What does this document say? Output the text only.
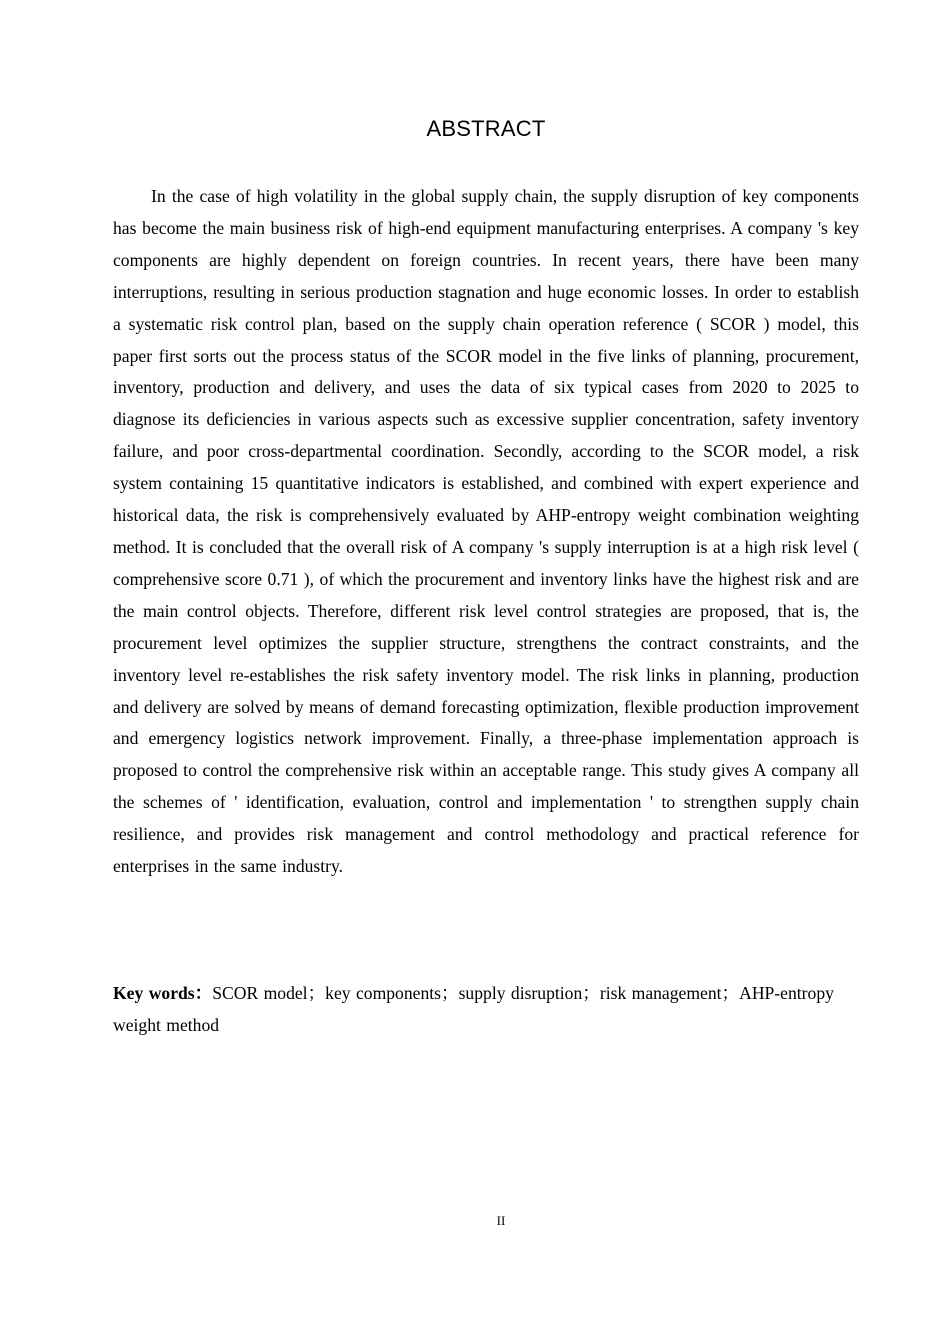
ABSTRACT

In the case of high volatility in the global supply chain, the supply disruption of key components has become the main business risk of high-end equipment manufacturing enterprises. A company 's key components are highly dependent on foreign countries. In recent years, there have been many interruptions, resulting in serious production stagnation and huge economic losses. In order to establish a systematic risk control plan, based on the supply chain operation reference ( SCOR ) model, this paper first sorts out the process status of the SCOR model in the five links of planning, procurement, inventory, production and delivery, and uses the data of six typical cases from 2020 to 2025 to diagnose its deficiencies in various aspects such as excessive supplier concentration, safety inventory failure, and poor cross-departmental coordination. Secondly, according to the SCOR model, a risk system containing 15 quantitative indicators is established, and combined with expert experience and historical data, the risk is comprehensively evaluated by AHP-entropy weight combination weighting method. It is concluded that the overall risk of A company 's supply interruption is at a high risk level ( comprehensive score 0.71 ), of which the procurement and inventory links have the highest risk and are the main control objects. Therefore, different risk level control strategies are proposed, that is, the procurement level optimizes the supplier structure, strengthens the contract constraints, and the inventory level re-establishes the risk safety inventory model. The risk links in planning, production and delivery are solved by means of demand forecasting optimization, flexible production improvement and emergency logistics network improvement. Finally, a three-phase implementation approach is proposed to control the comprehensive risk within an acceptable range. This study gives A company all the schemes of ' identification, evaluation, control and implementation ' to strengthen supply chain resilience, and provides risk management and control methodology and practical reference for enterprises in the same industry.

Key words：SCOR model；key components；supply disruption；risk management；AHP-entropy weight method

II
